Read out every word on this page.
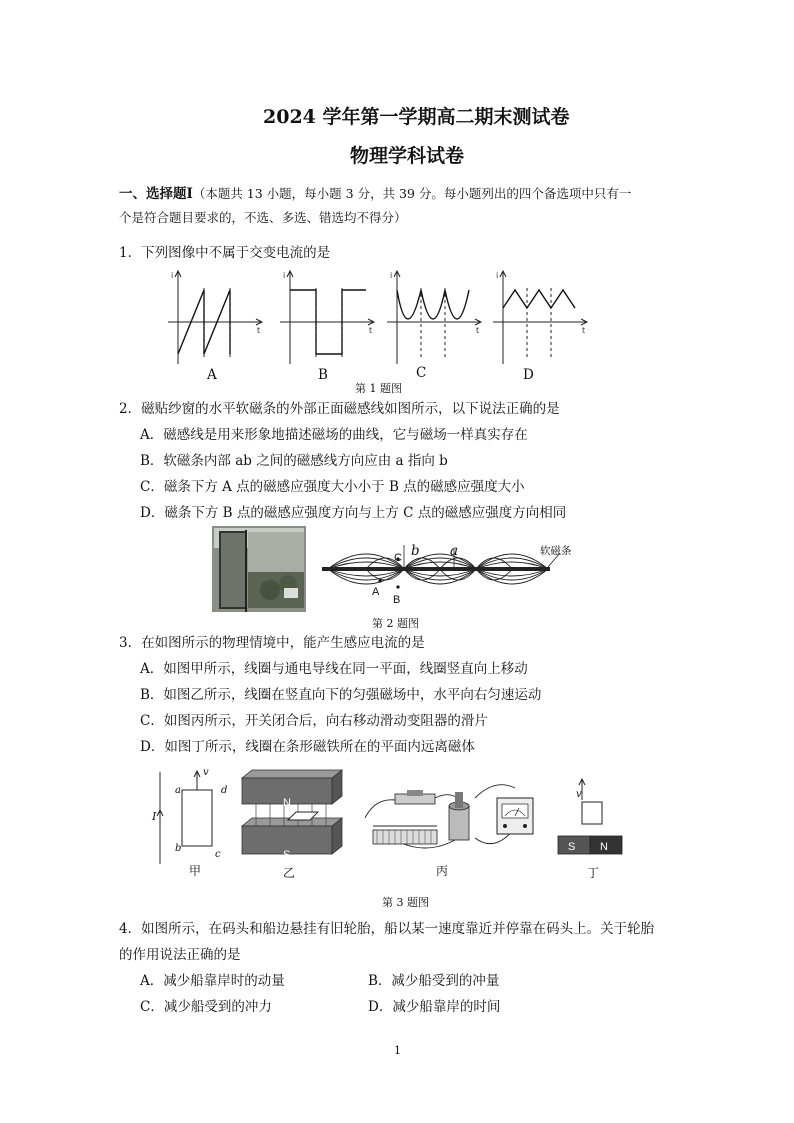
2024 学年第一学期高二期末测试卷
物理学科试卷
一、选择题Ⅰ（本题共 13 小题，每小题 3 分，共 39 分。每小题列出的四个备选项中只有一
个是符合题目要求的，不选、多选、错选均不得分）
1．下列图像中不属于交变电流的是
i
t
i
t
i
t
i
t
A	B	C	D
第 1 题图
2．磁贴纱窗的水平软磁条的外部正面磁感线如图所示，以下说法正确的是
A．磁感线是用来形象地描述磁场的曲线，它与磁场一样真实存在
B．软磁条内部 ab 之间的磁感线方向应由 a 指向 b
C．磁条下方 A 点的磁感应强度大小小于 B 点的磁感应强度大小
D．磁条下方 B 点的磁感应强度方向与上方 C 点的磁感应强度方向相同
C b a
A
B
软磁条
第 2 题图
3．在如图所示的物理情境中，能产生感应电流的是
A．如图甲所示，线圈与通电导线在同一平面，线圈竖直向上移动
B．如图乙所示，线圈在竖直向下的匀强磁场中，水平向右匀速运动
C．如图丙所示，开关闭合后，向右移动滑动变阻器的滑片
D．如图丁所示，线圈在条形磁铁所在的平面内远离磁体
I
v
a	d
b
c
甲
N
S
乙	丙
v
S N
丁
第 3 题图
4．如图所示，在码头和船边悬挂有旧轮胎，船以某一速度靠近并停靠在码头上。关于轮胎
的作用说法正确的是
A．减少船靠岸时的动量	B．减少船受到的冲量
C．减少船受到的冲力	D．减少船靠岸的时间
1
